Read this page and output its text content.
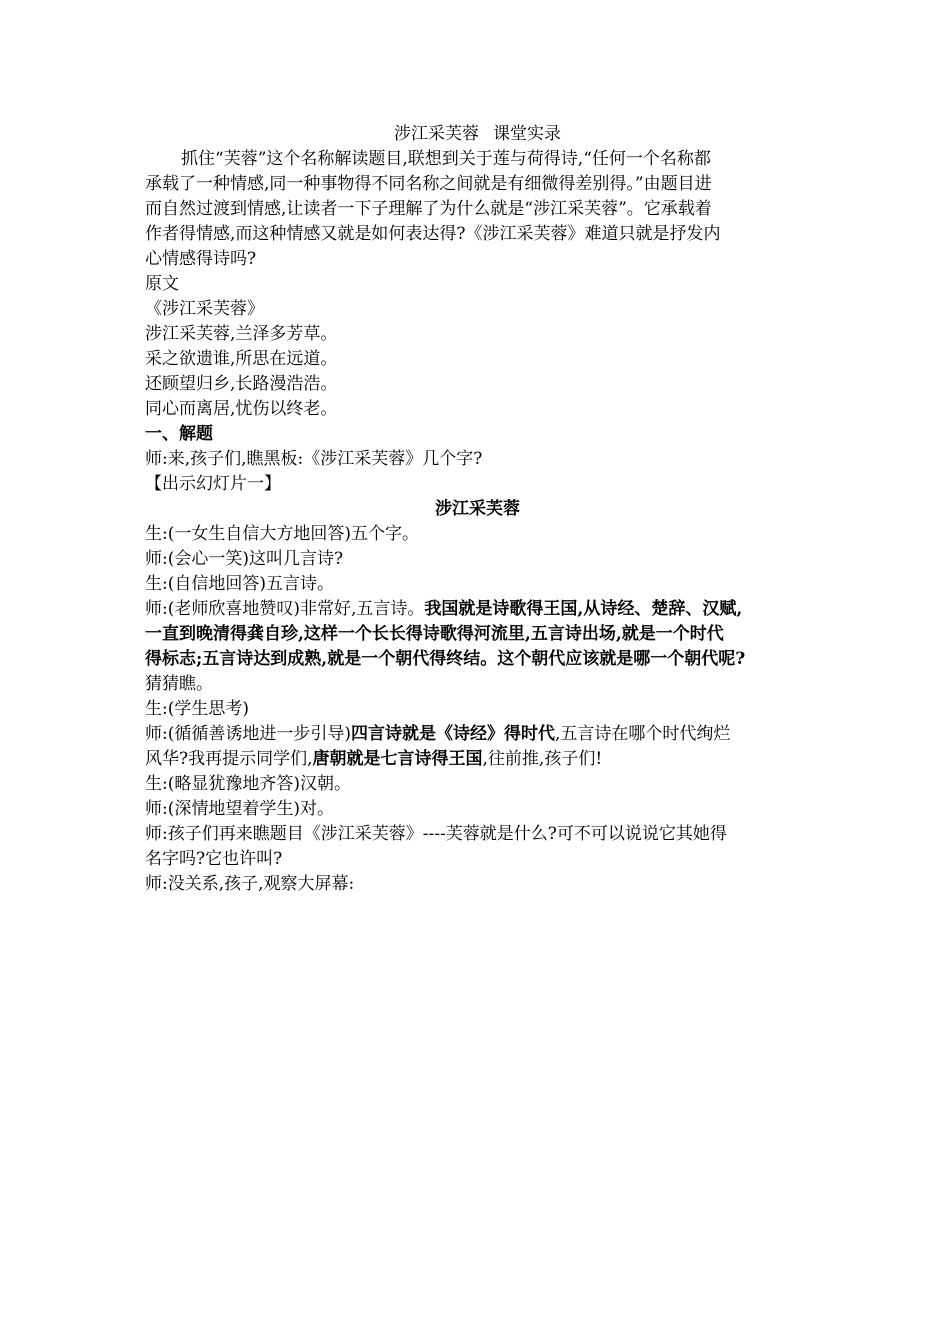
涉江采芙蓉 课堂实录
抓住“芙蓉”这个名称解读题目,联想到关于莲与荷得诗,“任何一个名称都
承载了一种情感,同一种事物得不同名称之间就是有细微得差别得。”由题目进
而自然过渡到情感,让读者一下子理解了为什么就是“涉江采芙蓉”。它承载着
作者得情感,而这种情感又就是如何表达得?《涉江采芙蓉》难道只就是抒发内
心情感得诗吗?
原文
《涉江采芙蓉》
涉江采芙蓉,兰泽多芳草。
采之欲遗谁,所思在远道。
还顾望归乡,长路漫浩浩。
同心而离居,忧伤以终老。
一、解题
师:来,孩子们,瞧黑板:《涉江采芙蓉》几个字?
【出示幻灯片一】
涉江采芙蓉
生:(一女生自信大方地回答)五个字。
师:(会心一笑)这叫几言诗?
生:(自信地回答)五言诗。
师:(老师欣喜地赞叹)非常好,五言诗。我国就是诗歌得王国,从诗经、楚辞、汉赋,
一直到晚清得龚自珍,这样一个长长得诗歌得河流里,五言诗出场,就是一个时代
得标志;五言诗达到成熟,就是一个朝代得终结。这个朝代应该就是哪一个朝代呢?
猜猜瞧。
生:(学生思考)
师:(循循善诱地进一步引导)四言诗就是《诗经》得时代,五言诗在哪个时代绚烂
风华?我再提示同学们,唐朝就是七言诗得王国,往前推,孩子们!
生:(略显犹豫地齐答)汉朝。
师:(深情地望着学生)对。
师:孩子们再来瞧题目《涉江采芙蓉》----芙蓉就是什么?可不可以说说它其她得
名字吗?它也许叫?
师:没关系,孩子,观察大屏幕:
